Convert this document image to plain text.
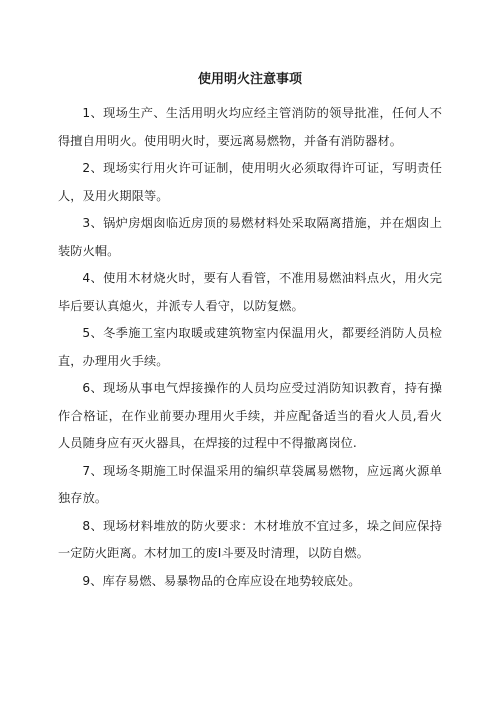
使用明火注意事项

1、现场生产、生活用明火均应经主管消防的领导批准，任何人不得擅自用明火。使用明火时，要远离易燃物，并备有消防器材。

2、现场实行用火许可证制，使用明火必须取得许可证，写明责任人，及用火期限等。

3、锅炉房烟囱临近房顶的易燃材料处采取隔离措施，并在烟囱上装防火帽。

4、使用木材烧火时，要有人看管，不准用易燃油料点火，用火完毕后要认真熄火，并派专人看守，以防复燃。

5、冬季施工室内取暖或建筑物室内保温用火，都要经消防人员检直，办理用火手续。

6、现场从事电气焊接操作的人员均应受过消防知识教育，持有操作合格证，在作业前要办理用火手续，并应配备适当的看火人员,看火人员随身应有灭火器具，在焊接的过程中不得撤离岗位.

7、现场冬期施工时保温采用的编织草袋属易燃物，应远离火源单独存放。

8、现场材料堆放的防火要求：木材堆放不宜过多，垛之间应保持一定防火距离。木材加工的废Ⅰ斗要及时清理，以防自燃。

9、库存易燃、易暴物品的仓库应设在地势较底处。
